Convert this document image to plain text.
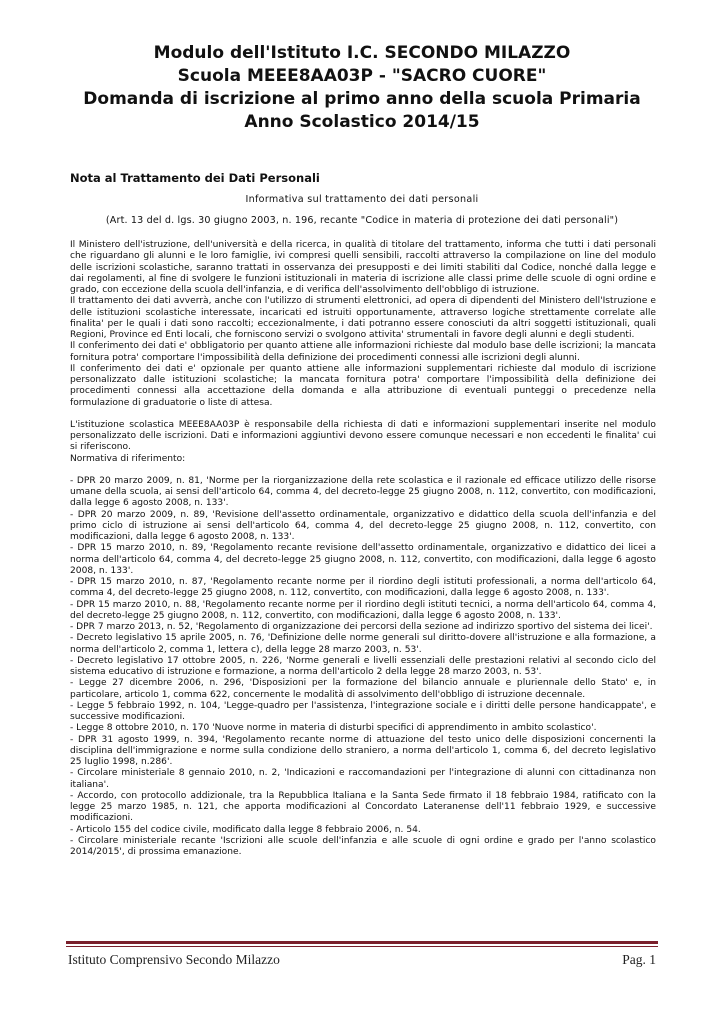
Modulo dell'Istituto I.C. SECONDO MILAZZO
Scuola MEEE8AA03P - "SACRO CUORE"
Domanda di iscrizione al primo anno della scuola Primaria
Anno Scolastico 2014/15
Nota al Trattamento dei Dati Personali
Informativa sul trattamento dei dati personali
(Art. 13 del d. lgs. 30 giugno 2003, n. 196, recante "Codice in materia di protezione dei dati personali")

Il Ministero dell'istruzione, dell'università e della ricerca, in qualità di titolare del trattamento, informa che tutti i dati personali che riguardano gli alunni e le loro famiglie, ivi compresi quelli sensibili, raccolti attraverso la compilazione on line del modulo delle iscrizioni scolastiche, saranno trattati in osservanza dei presupposti e dei limiti stabiliti dal Codice, nonché dalla legge e dai regolamenti, al fine di svolgere le funzioni istituzionali in materia di iscrizione alle classi prime delle scuole di ogni ordine e grado, con eccezione della scuola dell'infanzia, e di verifica dell'assolvimento dell'obbligo di istruzione.

Il trattamento dei dati avverrà, anche con l'utilizzo di strumenti elettronici, ad opera di dipendenti del Ministero dell'Istruzione e delle istituzioni scolastiche interessate, incaricati ed istruiti opportunamente, attraverso logiche strettamente correlate alle finalita' per le quali i dati sono raccolti; eccezionalmente, i dati potranno essere conosciuti da altri soggetti istituzionali, quali Regioni, Province ed Enti locali, che forniscono servizi o svolgono attivita' strumentali in favore degli alunni e degli studenti.

Il conferimento dei dati e' obbligatorio per quanto attiene alle informazioni richieste dal modulo base delle iscrizioni; la mancata fornitura potra' comportare l'impossibilità della definizione dei procedimenti connessi alle iscrizioni degli alunni.

Il conferimento dei dati e' opzionale per quanto attiene alle informazioni supplementari richieste dal modulo di iscrizione personalizzato dalle istituzioni scolastiche; la mancata fornitura potra' comportare l'impossibilità della definizione dei procedimenti connessi alla accettazione della domanda e alla attribuzione di eventuali punteggi o precedenze nella formulazione di graduatorie o liste di attesa.

L'istituzione scolastica MEEE8AA03P è responsabile della richiesta di dati e informazioni supplementari inserite nel modulo personalizzato delle iscrizioni. Dati e informazioni aggiuntivi devono essere comunque necessari e non eccedenti le finalita' cui si riferiscono.

Normativa di riferimento:

- DPR 20 marzo 2009, n. 81, 'Norme per la riorganizzazione della rete scolastica e il razionale ed efficace utilizzo delle risorse umane della scuola, ai sensi dell'articolo 64, comma 4, del decreto-legge 25 giugno 2008, n. 112, convertito, con modificazioni, dalla legge 6 agosto 2008, n. 133'.

- DPR 20 marzo 2009, n. 89, 'Revisione dell'assetto ordinamentale, organizzativo e didattico della scuola dell'infanzia e del primo ciclo di istruzione ai sensi dell'articolo 64, comma 4, del decreto-legge 25 giugno 2008, n. 112, convertito, con modificazioni, dalla legge 6 agosto 2008, n. 133'.

- DPR 15 marzo 2010, n. 89, 'Regolamento recante revisione dell'assetto ordinamentale, organizzativo e didattico dei licei a norma dell'articolo 64, comma 4, del decreto-legge 25 giugno 2008, n. 112, convertito, con modificazioni, dalla legge 6 agosto 2008, n. 133'.

- DPR 15 marzo 2010, n. 87, 'Regolamento recante norme per il riordino degli istituti professionali, a norma dell'articolo 64, comma 4, del decreto-legge 25 giugno 2008, n. 112, convertito, con modificazioni, dalla legge 6 agosto 2008, n. 133'.

- DPR 15 marzo 2010, n. 88, 'Regolamento recante norme per il riordino degli istituti tecnici, a norma dell'articolo 64, comma 4, del decreto-legge 25 giugno 2008, n. 112, convertito, con modificazioni, dalla legge 6 agosto 2008, n. 133'.

- DPR 7 marzo 2013, n. 52, 'Regolamento di organizzazione dei percorsi della sezione ad indirizzo sportivo del sistema dei licei'.

- Decreto legislativo 15 aprile 2005, n. 76, 'Definizione delle norme generali sul diritto-dovere all'istruzione e alla formazione, a norma dell'articolo 2, comma 1, lettera c), della legge 28 marzo 2003, n. 53'.

- Decreto legislativo 17 ottobre 2005, n. 226, 'Norme generali e livelli essenziali delle prestazioni relativi al secondo ciclo del sistema educativo di istruzione e formazione, a norma dell'articolo 2 della legge 28 marzo 2003, n. 53'.

- Legge 27 dicembre 2006, n. 296, 'Disposizioni per la formazione del bilancio annuale e pluriennale dello Stato' e, in particolare, articolo 1, comma 622, concernente le modalità di assolvimento dell'obbligo di istruzione decennale.

- Legge 5 febbraio 1992, n. 104, 'Legge-quadro per l'assistenza, l'integrazione sociale e i diritti delle persone handicappate', e successive modificazioni.

- Legge 8 ottobre 2010, n. 170 'Nuove norme in materia di disturbi specifici di apprendimento in ambito scolastico'.

- DPR 31 agosto 1999, n. 394, 'Regolamento recante norme di attuazione del testo unico delle disposizioni concernenti la disciplina dell'immigrazione e norme sulla condizione dello straniero, a norma dell'articolo 1, comma 6, del decreto legislativo 25 luglio 1998, n.286'.

- Circolare ministeriale 8 gennaio 2010, n. 2, 'Indicazioni e raccomandazioni per l'integrazione di alunni con cittadinanza non italiana'.

- Accordo, con protocollo addizionale, tra la Repubblica Italiana e la Santa Sede firmato il 18 febbraio 1984, ratificato con la legge 25 marzo 1985, n. 121, che apporta modificazioni al Concordato Lateranense dell'11 febbraio 1929, e successive modificazioni.

- Articolo 155 del codice civile, modificato dalla legge 8 febbraio 2006, n. 54.

- Circolare ministeriale recante 'Iscrizioni alle scuole dell'infanzia e alle scuole di ogni ordine e grado per l'anno scolastico 2014/2015', di prossima emanazione.

Istituto Comprensivo Secondo Milazzo	Pag. 1
